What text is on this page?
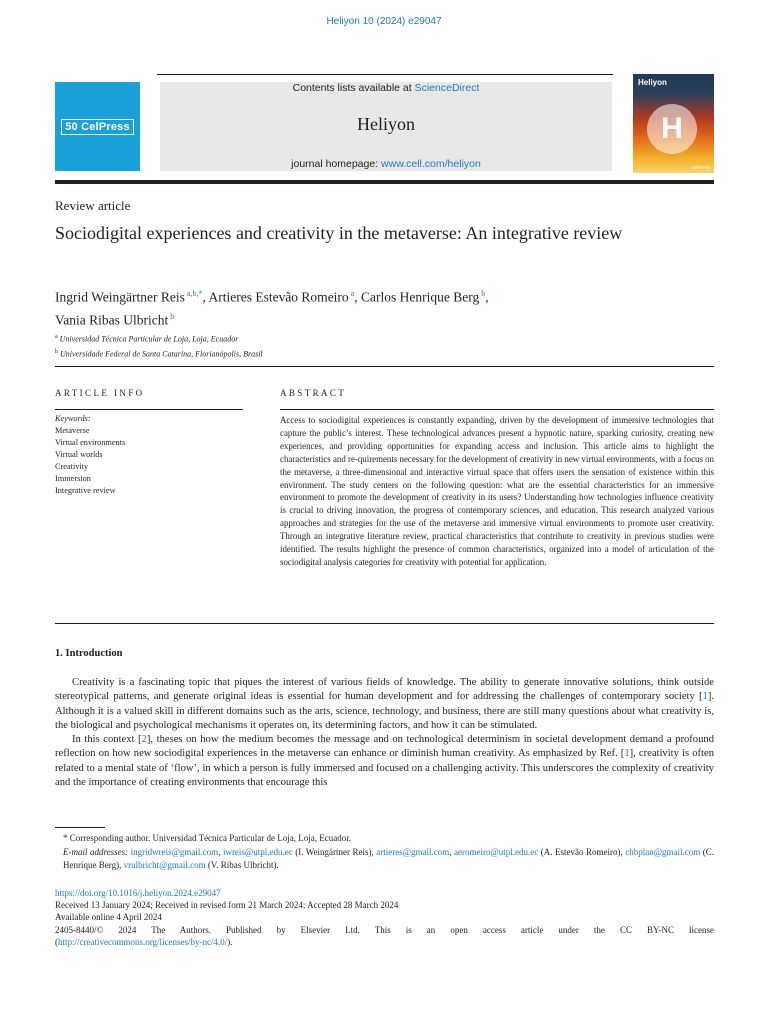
Heliyon 10 (2024) e29047
50 CelPress
Contents lists available at ScienceDirect
Heliyon
journal homepage: www.cell.com/heliyon
Heliyon
H
CellPress
Review article
Sociodigital experiences and creativity in the metaverse: An integrative review
Ingrid Weingärtner Reis $^{a,b,*}$, Artieres Estevão Romeiro $^a$, Carlos Henrique Berg $^b$,
Vania Ribas Ulbricht $^b$
$^a$ Universidad Técnica Particular de Loja, Loja, Ecuador
$^b$ Universidade Federal de Santa Catarina, Florianópolis, Brasil
ARTICLE INFO	ABSTRACT
Keywords:
Metaverse
Virtual environments
Virtual worlds
Creativity
Immersion
Integrative review
Access to sociodigital experiences is constantly expanding, driven by the development of immersive technologies that capture the public’s interest. These technological advances present a hypnotic nature, sparking curiosity, creating new experiences, and providing opportunities for expanding access and inclusion. This article aims to highlight the characteristics and re-quirements necessary for the development of creativity in new virtual environments, with a focus on the metaverse, a three-dimensional and interactive virtual space that offers users the sensation of existence within this environment. The study centers on the following question: what are the essential characteristics for an immersive environment to promote the development of creativity in its users? Understanding how technologies influence creativity is crucial to driving innovation, the progress of contemporary sciences, and education. This research analyzed various approaches and strategies for the use of the metaverse and immersive virtual environments to promote user creativity. Through an integrative literature review, practical characteristics that contribute to creativity in previous studies were identified. The results highlight the presence of common characteristics, organized into a model of articulation of the sociodigital analysis categories for creativity with potential for application.
1. Introduction

Creativity is a fascinating topic that piques the interest of various fields of knowledge. The ability to generate innovative solutions, think outside stereotypical patterns, and generate original ideas is essential for human development and for addressing the challenges of contemporary society [1]. Although it is a valued skill in different domains such as the arts, science, technology, and business, there are still many questions about what creativity is, the biological and psychological mechanisms it operates on, its determining factors, and how it can be stimulated.

In this context [2], theses on how the medium becomes the message and on technological determinism in societal development demand a profound reflection on how new sociodigital experiences in the metaverse can enhance or diminish human creativity. As emphasized by Ref. [1], creativity is often related to a mental state of ‘flow’, in which a person is fully immersed and focused on a challenging activity. This underscores the complexity of creativity and the importance of creating environments that encourage this

* Corresponding author. Universidad Técnica Particular de Loja, Loja, Ecuador.
E-mail addresses: ingridwreis@gmail.com, iwreis@utpl.edu.ec (I. Weingärtner Reis), artieres@gmail.com, aeromeiro@utpl.edu.ec (A. Estevão Romeiro), chbplan@gmail.com (C. Henrique Berg), vrulbricht@gmail.com (V. Ribas Ulbricht).
https://doi.org/10.1016/j.heliyon.2024.e29047
Received 13 January 2024; Received in revised form 21 March 2024; Accepted 28 March 2024
Available online 4 April 2024
2405-8440/© 2024 The Authors. Published by Elsevier Ltd. This is an open access article under the CC BY-NC license
(http://creativecommons.org/licenses/by-nc/4.0/).
